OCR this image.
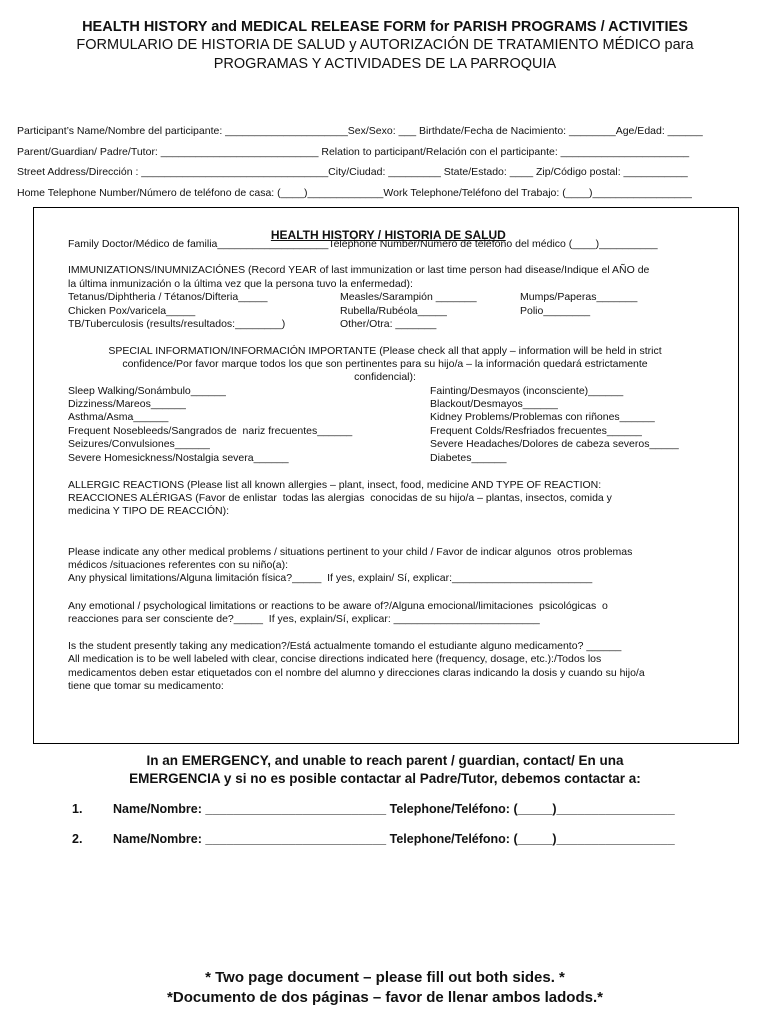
HEALTH HISTORY and MEDICAL RELEASE FORM for PARISH PROGRAMS / ACTIVITIES
FORMULARIO DE HISTORIA DE SALUD y AUTORIZACIÓN DE TRATAMIENTO MÉDICO para
PROGRAMAS Y ACTIVIDADES DE LA PARROQUIA
Participant’s Name/Nombre del participante: _____________________Sex/Sexo: ___ Birthdate/Fecha de Nacimiento: ________Age/Edad: ______
Parent/Guardian/ Padre/Tutor: ___________________________ Relation to participant/Relación con el participante: ______________________
Street Address/Dirección : ________________________________City/Ciudad: _________ State/Estado: ____ Zip/Código postal: ___________
Home Telephone Number/Número de teléfono de casa: (____)_____________Work Telephone/Teléfono del Trabajo: (____)_________________

HEALTH HISTORY / HISTORIA DE SALUD

Family Doctor/Médico de familia___________________Telephone Number/Número de teléfono del médico (____)__________
IMMUNIZATIONS/INUMNIZACIÓNES (Record YEAR of last immunization or last time person had disease/Indique el AÑO de
la última inmunización o la última vez que la persona tuvo la enfermedad):
Tetanus/Diphtheria / Tétanos/Difteria_____
Chicken Pox/varicela_____
TB/Tuberculosis (results/resultados:________)
Measles/Sarampión _______
Rubella/Rubéola_____
Other/Otra: _______
Mumps/Paperas_______
Polio________
SPECIAL INFORMATION/INFORMACIÓN IMPORTANTE (Please check all that apply – information will be held in strict
confidence/Por favor marque todos los que son pertinentes para su hijo/a – la información quedará estrictamente
confidencial):
Sleep Walking/Sonámbulo______
Dizziness/Mareos______
Asthma/Asma______
Frequent Nosebleeds/Sangrados de  nariz frecuentes______
Seizures/Convulsiones______
Severe Homesickness/Nostalgia severa______
Fainting/Desmayos (inconsciente)______
Blackout/Desmayos______
Kidney Problems/Problemas con riñones______
Frequent Colds/Resfriados frecuentes______
Severe Headaches/Dolores de cabeza severos_____
Diabetes______
ALLERGIC REACTIONS (Please list all known allergies – plant, insect, food, medicine AND TYPE OF REACTION:
REACCIONES ALÉRIGAS (Favor de enlistar  todas las alergias  conocidas de su hijo/a – plantas, insectos, comida y
medicina Y TIPO DE REACCIÓN):
Please indicate any other medical problems / situations pertinent to your child / Favor de indicar algunos  otros problemas
médicos /situaciones referentes con su niño(a):
Any physical limitations/Alguna limitación física?_____  If yes, explain/ Sí, explicar:________________________
Any emotional / psychological limitations or reactions to be aware of?/Alguna emocional/limitaciones  psicológicas  o
reacciones para ser consciente de?_____  If yes, explain/Sí, explicar: _________________________
Is the student presently taking any medication?/Está actualmente tomando el estudiante alguno medicamento? ______
All medication is to be well labeled with clear, concise directions indicated here (frequency, dosage, etc.):/Todos los
medicamentos deben estar etiquetados con el nombre del alumno y direcciones claras indicando la dosis y cuando su hijo/a
tiene que tomar su medicamento:
In an EMERGENCY, and unable to reach parent / guardian, contact/ En una
EMERGENCIA y si no es posible contactar al Padre/Tutor, debemos contactar a:
1. Name/Nombre: __________________________ Telephone/Teléfono: (_____)_________________
2. Name/Nombre: __________________________ Telephone/Teléfono: (_____)_________________
* Two page document – please fill out both sides. *
*Documento de dos páginas – favor de llenar ambos ladods.*
